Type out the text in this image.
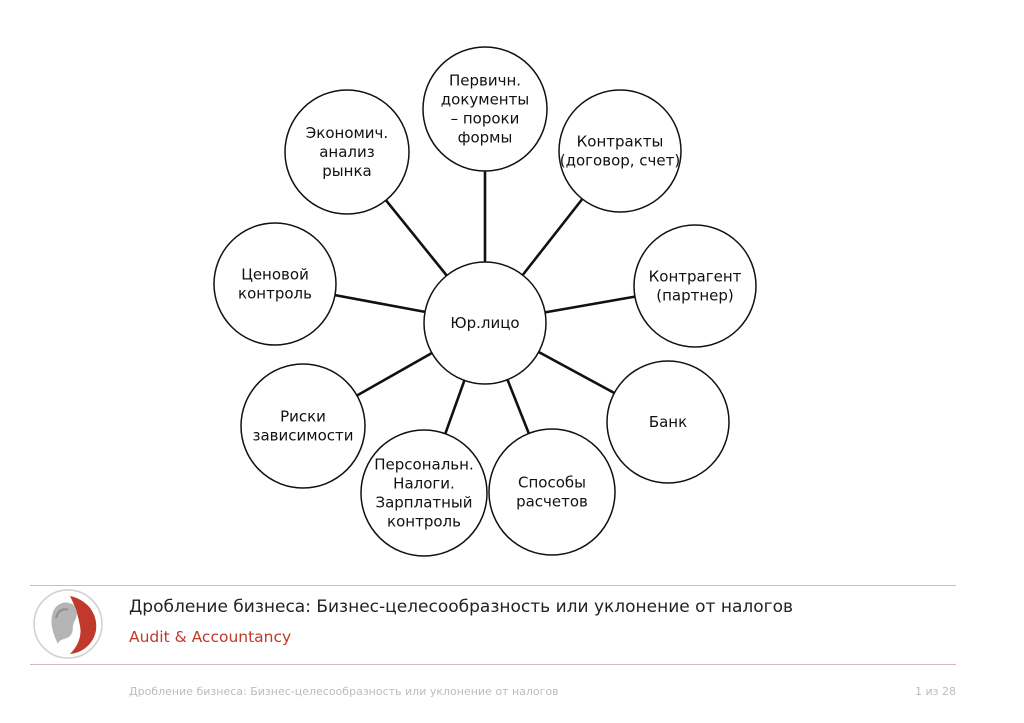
Юр.лицо
Первичн. документы – пороки формы	Контракты (договор, счет)
Контрагент (партнер)
Банк
Способы расчетов
Персональн. Налоги. Зарплатный контроль
Риски зависимости
Ценовой контроль
Экономич. анализ рынка
Дробление бизнеса: Бизнес-целесообразность или уклонение от налогов
Audit & Accountancy
Дробление бизнеса: Бизнес-целесообразность или уклонение от налогов	1 из 28
